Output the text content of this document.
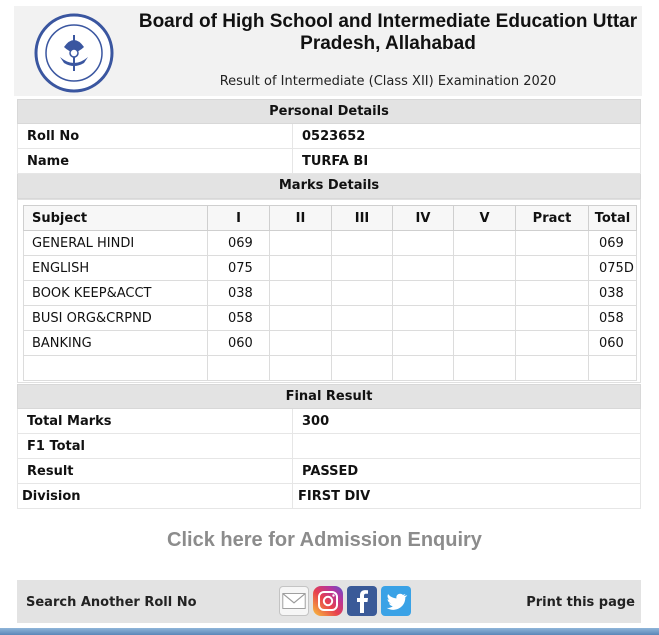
Board of High School and Intermediate Education Uttar
Pradesh, Allahabad
Result of Intermediate (Class XII) Examination 2020
Personal Details
Roll No	0523652
Name	TURFA BI
Marks Details
Subject	I	II	III	IV	V	Pract	Total
GENERAL HINDI	069						069
ENGLISH	075						075D
BOOK KEEP&ACCT	038						038
BUSI ORG&CRPND	058						058
BANKING	060						060

Final Result
Total Marks	300
F1 Total
Result	PASSED
Division	FIRST DIV
Click here for Admission Enquiry
Search Another Roll No	Print this page
